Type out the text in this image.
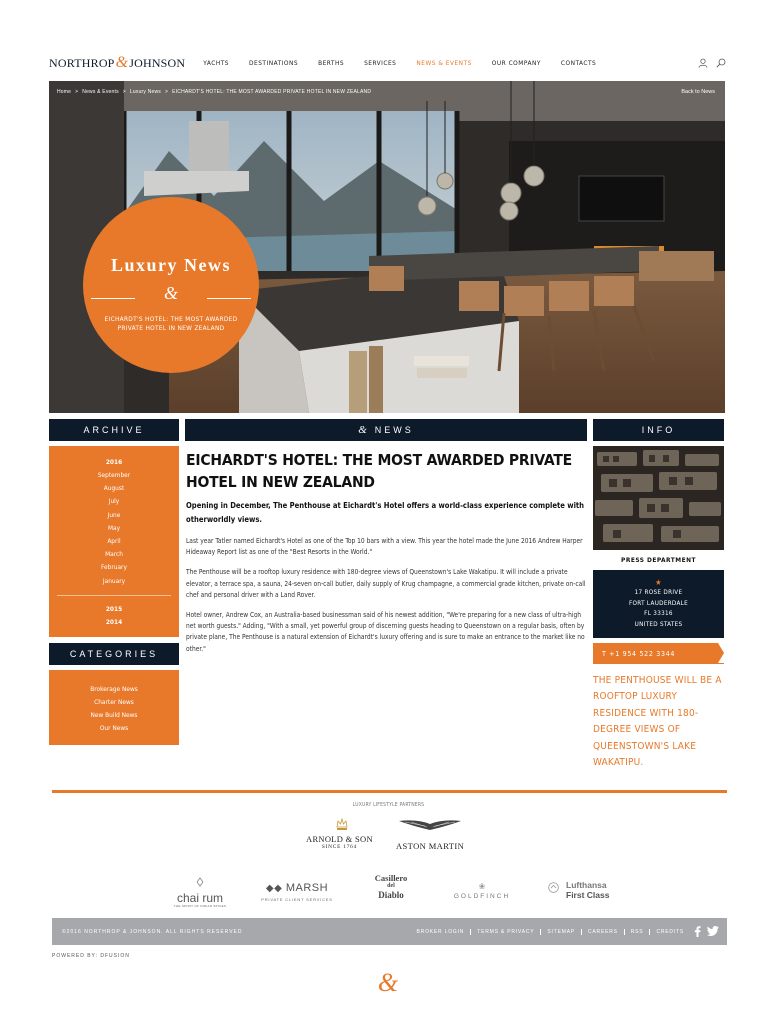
NORTHROP&JOHNSON	YACHTS	DESTINATIONS	BERTHS	SERVICES	NEWS & EVENTS	OUR COMPANY	CONTACTS
Home > News & Events > Luxury News > EICHARDT'S HOTEL: THE MOST AWARDED PRIVATE HOTEL IN NEW ZEALAND	Back to News
Luxury News
&
EICHARDT'S HOTEL: THE MOST AWARDED PRIVATE HOTEL IN NEW ZEALAND
ARCHIVE
2016
September
August
July
June
May
April
March
February
January
2015
2014
CATEGORIES
Brokerage News
Charter News
New Build News
Our News
& NEWS
EICHARDT'S HOTEL: THE MOST AWARDED PRIVATE HOTEL IN NEW ZEALAND
Opening in December, The Penthouse at Eichardt's Hotel offers a world-class experience complete with otherworldly views.

Last year Tatler named Eichardt's Hotel as one of the Top 10 bars with a view. This year the hotel made the June 2016 Andrew Harper Hideaway Report list as one of the "Best Resorts in the World."

The Penthouse will be a rooftop luxury residence with 180-degree views of Queenstown's Lake Wakatipu. It will include a private elevator, a terrace spa, a sauna, 24-seven on-call butler, daily supply of Krug champagne, a commercial grade kitchen, private on-call chef and personal driver with a Land Rover.

Hotel owner, Andrew Cox, an Australia-based businessman said of his newest addition, "We're preparing for a new class of ultra-high net worth guests." Adding, "With a small, yet powerful group of discerning guests heading to Queenstown on a regular basis, often by private plane, The Penthouse is a natural extension of Eichardt's luxury offering and is sure to make an entrance to the market like no other."

INFO
PRESS DEPARTMENT
★
17 ROSE DRIVE
FORT LAUDERDALE
FL 33316
UNITED STATES
T +1 954 522 3344
THE PENTHOUSE WILL BE A ROOFTOP LUXURY RESIDENCE WITH 180-DEGREE VIEWS OF QUEENSTOWN'S LAKE WAKATIPU.
LUXURY LIFESTYLE PARTNERS
ARNOLD & SON
SINCE 1764	ASTON MARTIN
chai rum
THE SPIRIT OF INDIAN SPICES
◆◆ MARSH
PRIVATE CLIENT SERVICES
Casillero
del
Diablo
❀
GOLDFINCH
Lufthansa
First Class
©2016 NORTHROP & JOHNSON. ALL RIGHTS RESERVED	BROKER LOGIN	TERMS & PRIVACY	SITEMAP	CAREERS	RSS	CREDITS
POWERED BY: DFUSION
&
